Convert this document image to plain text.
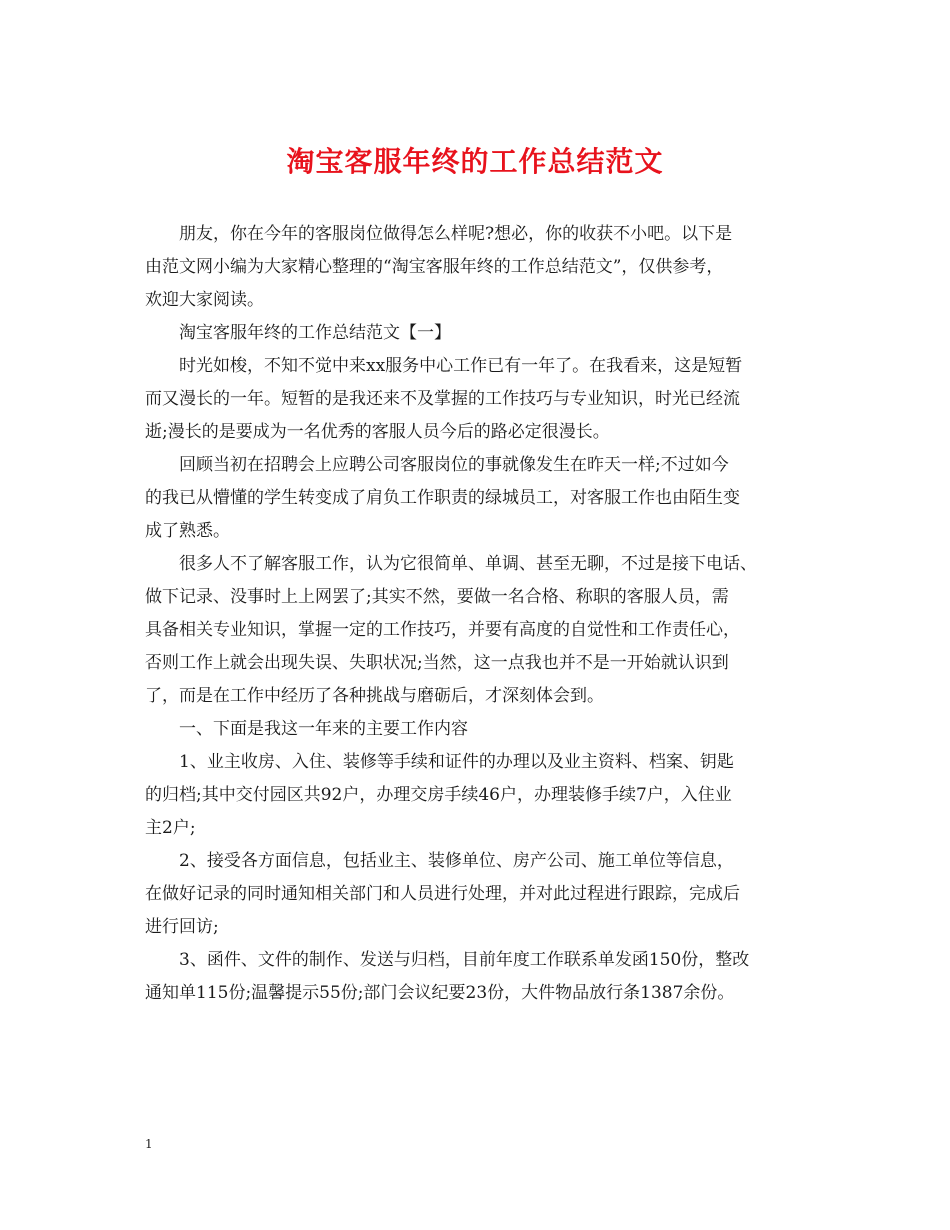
淘宝客服年终的工作总结范文

朋友，你在今年的客服岗位做得怎么样呢?想必，你的收获不小吧。以下是
由范文网小编为大家精心整理的“淘宝客服年终的工作总结范文”，仅供参考，
欢迎大家阅读。

淘宝客服年终的工作总结范文【一】

时光如梭，不知不觉中来xx服务中心工作已有一年了。在我看来，这是短暂
而又漫长的一年。短暂的是我还来不及掌握的工作技巧与专业知识，时光已经流
逝;漫长的是要成为一名优秀的客服人员今后的路必定很漫长。

回顾当初在招聘会上应聘公司客服岗位的事就像发生在昨天一样;不过如今
的我已从懵懂的学生转变成了肩负工作职责的绿城员工，对客服工作也由陌生变
成了熟悉。

很多人不了解客服工作，认为它很简单、单调、甚至无聊，不过是接下电话、
做下记录、没事时上上网罢了;其实不然，要做一名合格、称职的客服人员，需
具备相关专业知识，掌握一定的工作技巧，并要有高度的自觉性和工作责任心，
否则工作上就会出现失误、失职状况;当然，这一点我也并不是一开始就认识到
了，而是在工作中经历了各种挑战与磨砺后，才深刻体会到。

一、下面是我这一年来的主要工作内容

1、业主收房、入住、装修等手续和证件的办理以及业主资料、档案、钥匙
的归档;其中交付园区共92户，办理交房手续46户，办理装修手续7户，入住业
主2户;

2、接受各方面信息，包括业主、装修单位、房产公司、施工单位等信息，
在做好记录的同时通知相关部门和人员进行处理，并对此过程进行跟踪，完成后
进行回访;

3、函件、文件的制作、发送与归档，目前年度工作联系单发函150份，整改
通知单115份;温馨提示55份;部门会议纪要23份，大件物品放行条1387余份。

1
